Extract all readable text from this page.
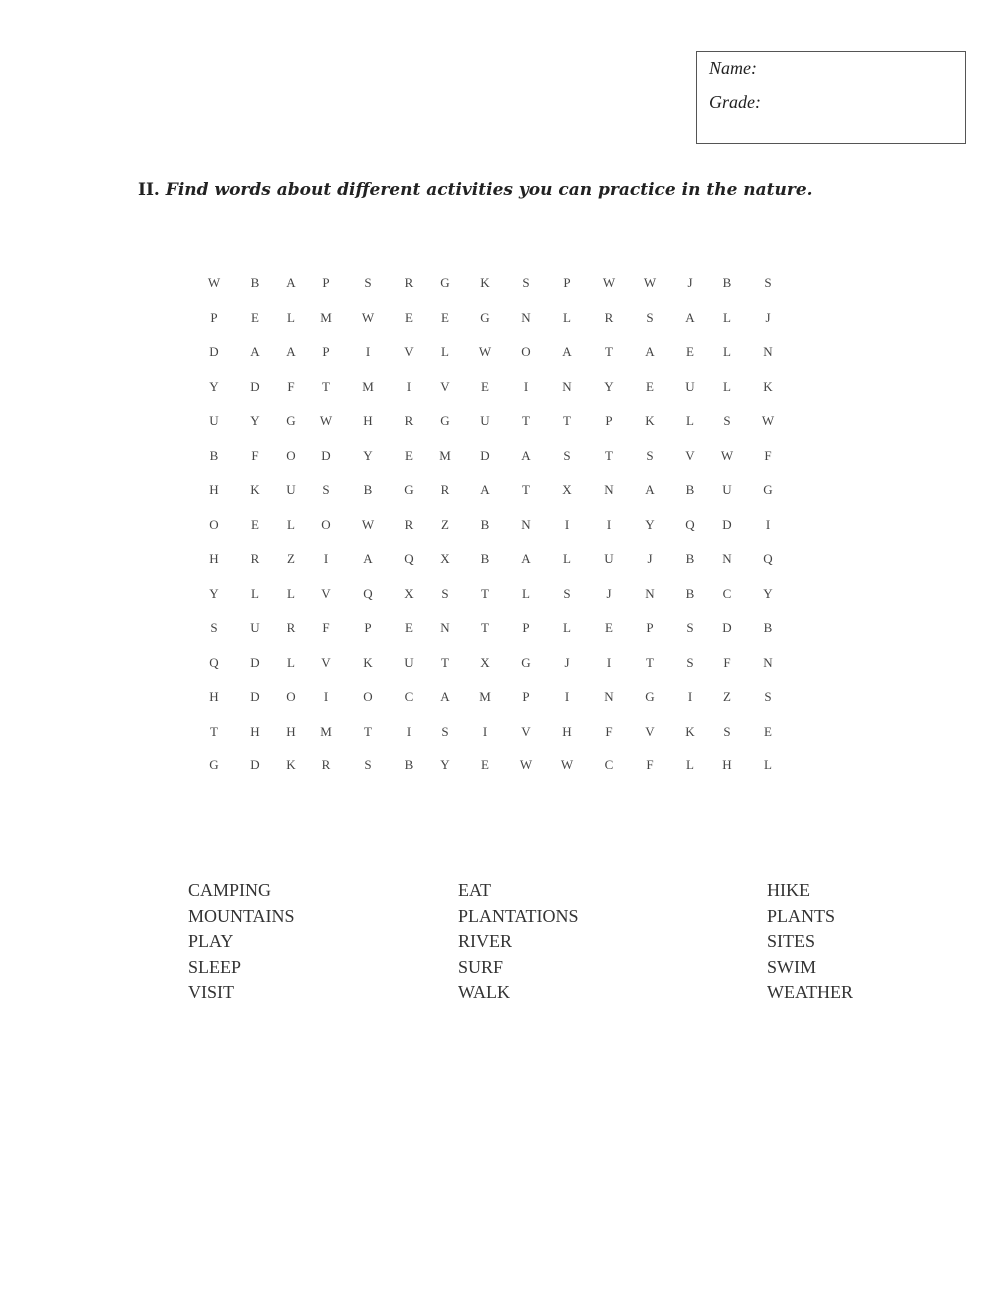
Name:
Grade:
II. Find words about different activities you can practice in the nature.
W	B	A	P	S	R	G	K	S	P	W	W	J	B	S
P	E	L	M	W	E	E	G	N	L	R	S	A	L	J
D	A	A	P	I	V	L	W	O	A	T	A	E	L	N
Y	D	F	T	M	I	V	E	I	N	Y	E	U	L	K
U	Y	G	W	H	R	G	U	T	T	P	K	L	S	W
B	F	O	D	Y	E	M	D	A	S	T	S	V	W	F
H	K	U	S	B	G	R	A	T	X	N	A	B	U	G
O	E	L	O	W	R	Z	B	N	I	I	Y	Q	D	I
H	R	Z	I	A	Q	X	B	A	L	U	J	B	N	Q
Y	L	L	V	Q	X	S	T	L	S	J	N	B	C	Y
S	U	R	F	P	E	N	T	P	L	E	P	S	D	B
Q	D	L	V	K	U	T	X	G	J	I	T	S	F	N
H	D	O	I	O	C	A	M	P	I	N	G	I	Z	S
T	H	H	M	T	I	S	I	V	H	F	V	K	S	E
G	D	K	R	S	B	Y	E	W	W	C	F	L	H	L
CAMPING
MOUNTAINS
PLAY
SLEEP
VISIT
EAT
PLANTATIONS
RIVER
SURF
WALK
HIKE
PLANTS
SITES
SWIM
WEATHER
